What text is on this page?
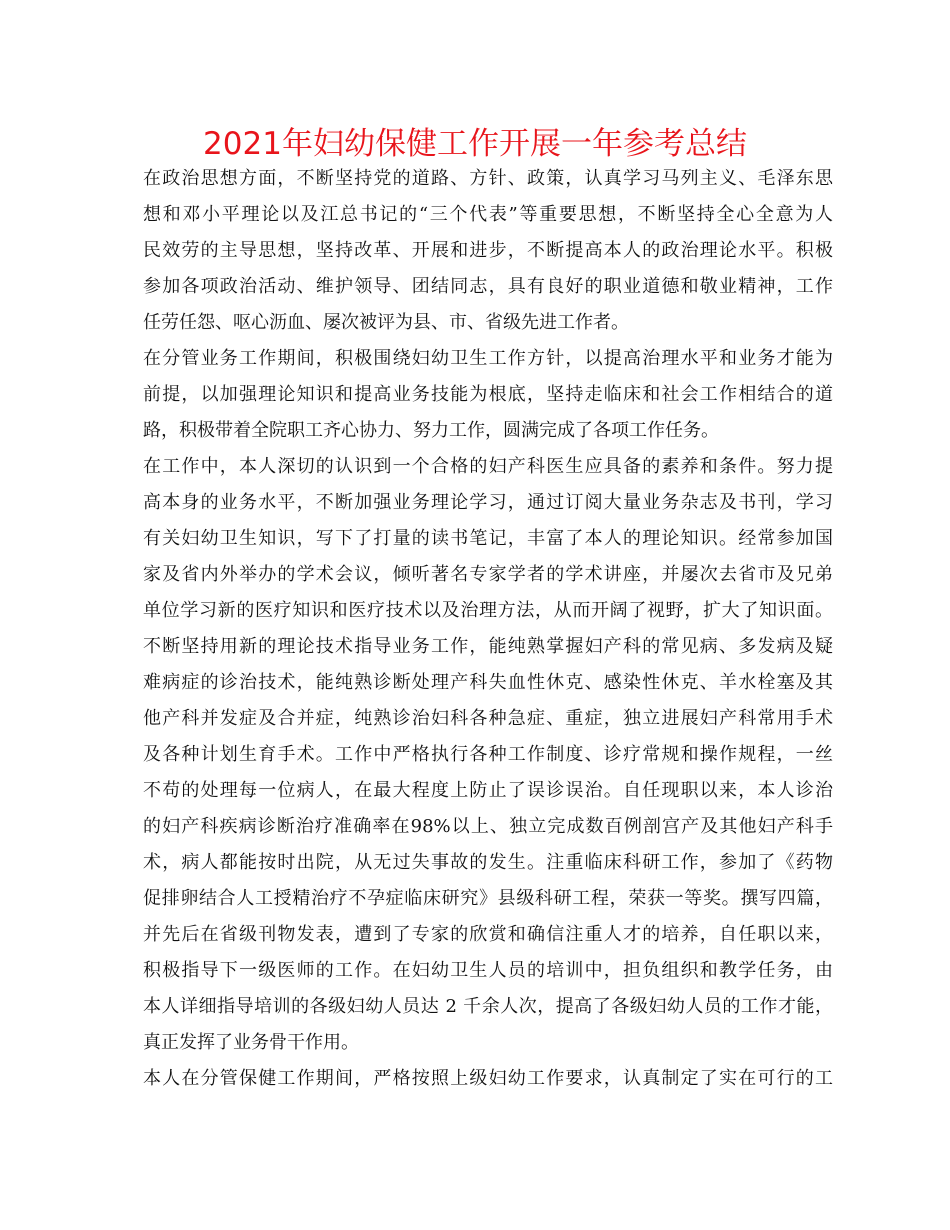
2021年妇幼保健工作开展一年参考总结
在政治思想方面，不断坚持党的道路、方针、政策，认真学习马列主义、毛泽东思
想和邓小平理论以及江总书记的“三个代表”等重要思想，不断坚持全心全意为人
民效劳的主导思想，坚持改革、开展和进步，不断提高本人的政治理论水平。积极
参加各项政治活动、维护领导、团结同志，具有良好的职业道德和敬业精神，工作
任劳任怨、呕心沥血、屡次被评为县、市、省级先进工作者。
在分管业务工作期间，积极围绕妇幼卫生工作方针，以提高治理水平和业务才能为
前提，以加强理论知识和提高业务技能为根底，坚持走临床和社会工作相结合的道
路，积极带着全院职工齐心协力、努力工作，圆满完成了各项工作任务。
在工作中，本人深切的认识到一个合格的妇产科医生应具备的素养和条件。努力提
高本身的业务水平，不断加强业务理论学习，通过订阅大量业务杂志及书刊，学习
有关妇幼卫生知识，写下了打量的读书笔记，丰富了本人的理论知识。经常参加国
家及省内外举办的学术会议，倾听著名专家学者的学术讲座，并屡次去省市及兄弟
单位学习新的医疗知识和医疗技术以及治理方法，从而开阔了视野，扩大了知识面。
不断坚持用新的理论技术指导业务工作，能纯熟掌握妇产科的常见病、多发病及疑
难病症的诊治技术，能纯熟诊断处理产科失血性休克、感染性休克、羊水栓塞及其
他产科并发症及合并症，纯熟诊治妇科各种急症、重症，独立进展妇产科常用手术
及各种计划生育手术。工作中严格执行各种工作制度、诊疗常规和操作规程，一丝
不苟的处理每一位病人，在最大程度上防止了误诊误治。自任现职以来，本人诊治
的妇产科疾病诊断治疗准确率在98%以上、独立完成数百例剖宫产及其他妇产科手
术，病人都能按时出院，从无过失事故的发生。注重临床科研工作，参加了《药物
促排卵结合人工授精治疗不孕症临床研究》县级科研工程，荣获一等奖。撰写四篇，
并先后在省级刊物发表，遭到了专家的欣赏和确信注重人才的培养，自任职以来，
积极指导下一级医师的工作。在妇幼卫生人员的培训中，担负组织和教学任务，由
本人详细指导培训的各级妇幼人员达 2 千余人次，提高了各级妇幼人员的工作才能，
真正发挥了业务骨干作用。
本人在分管保健工作期间，严格按照上级妇幼工作要求，认真制定了实在可行的工
